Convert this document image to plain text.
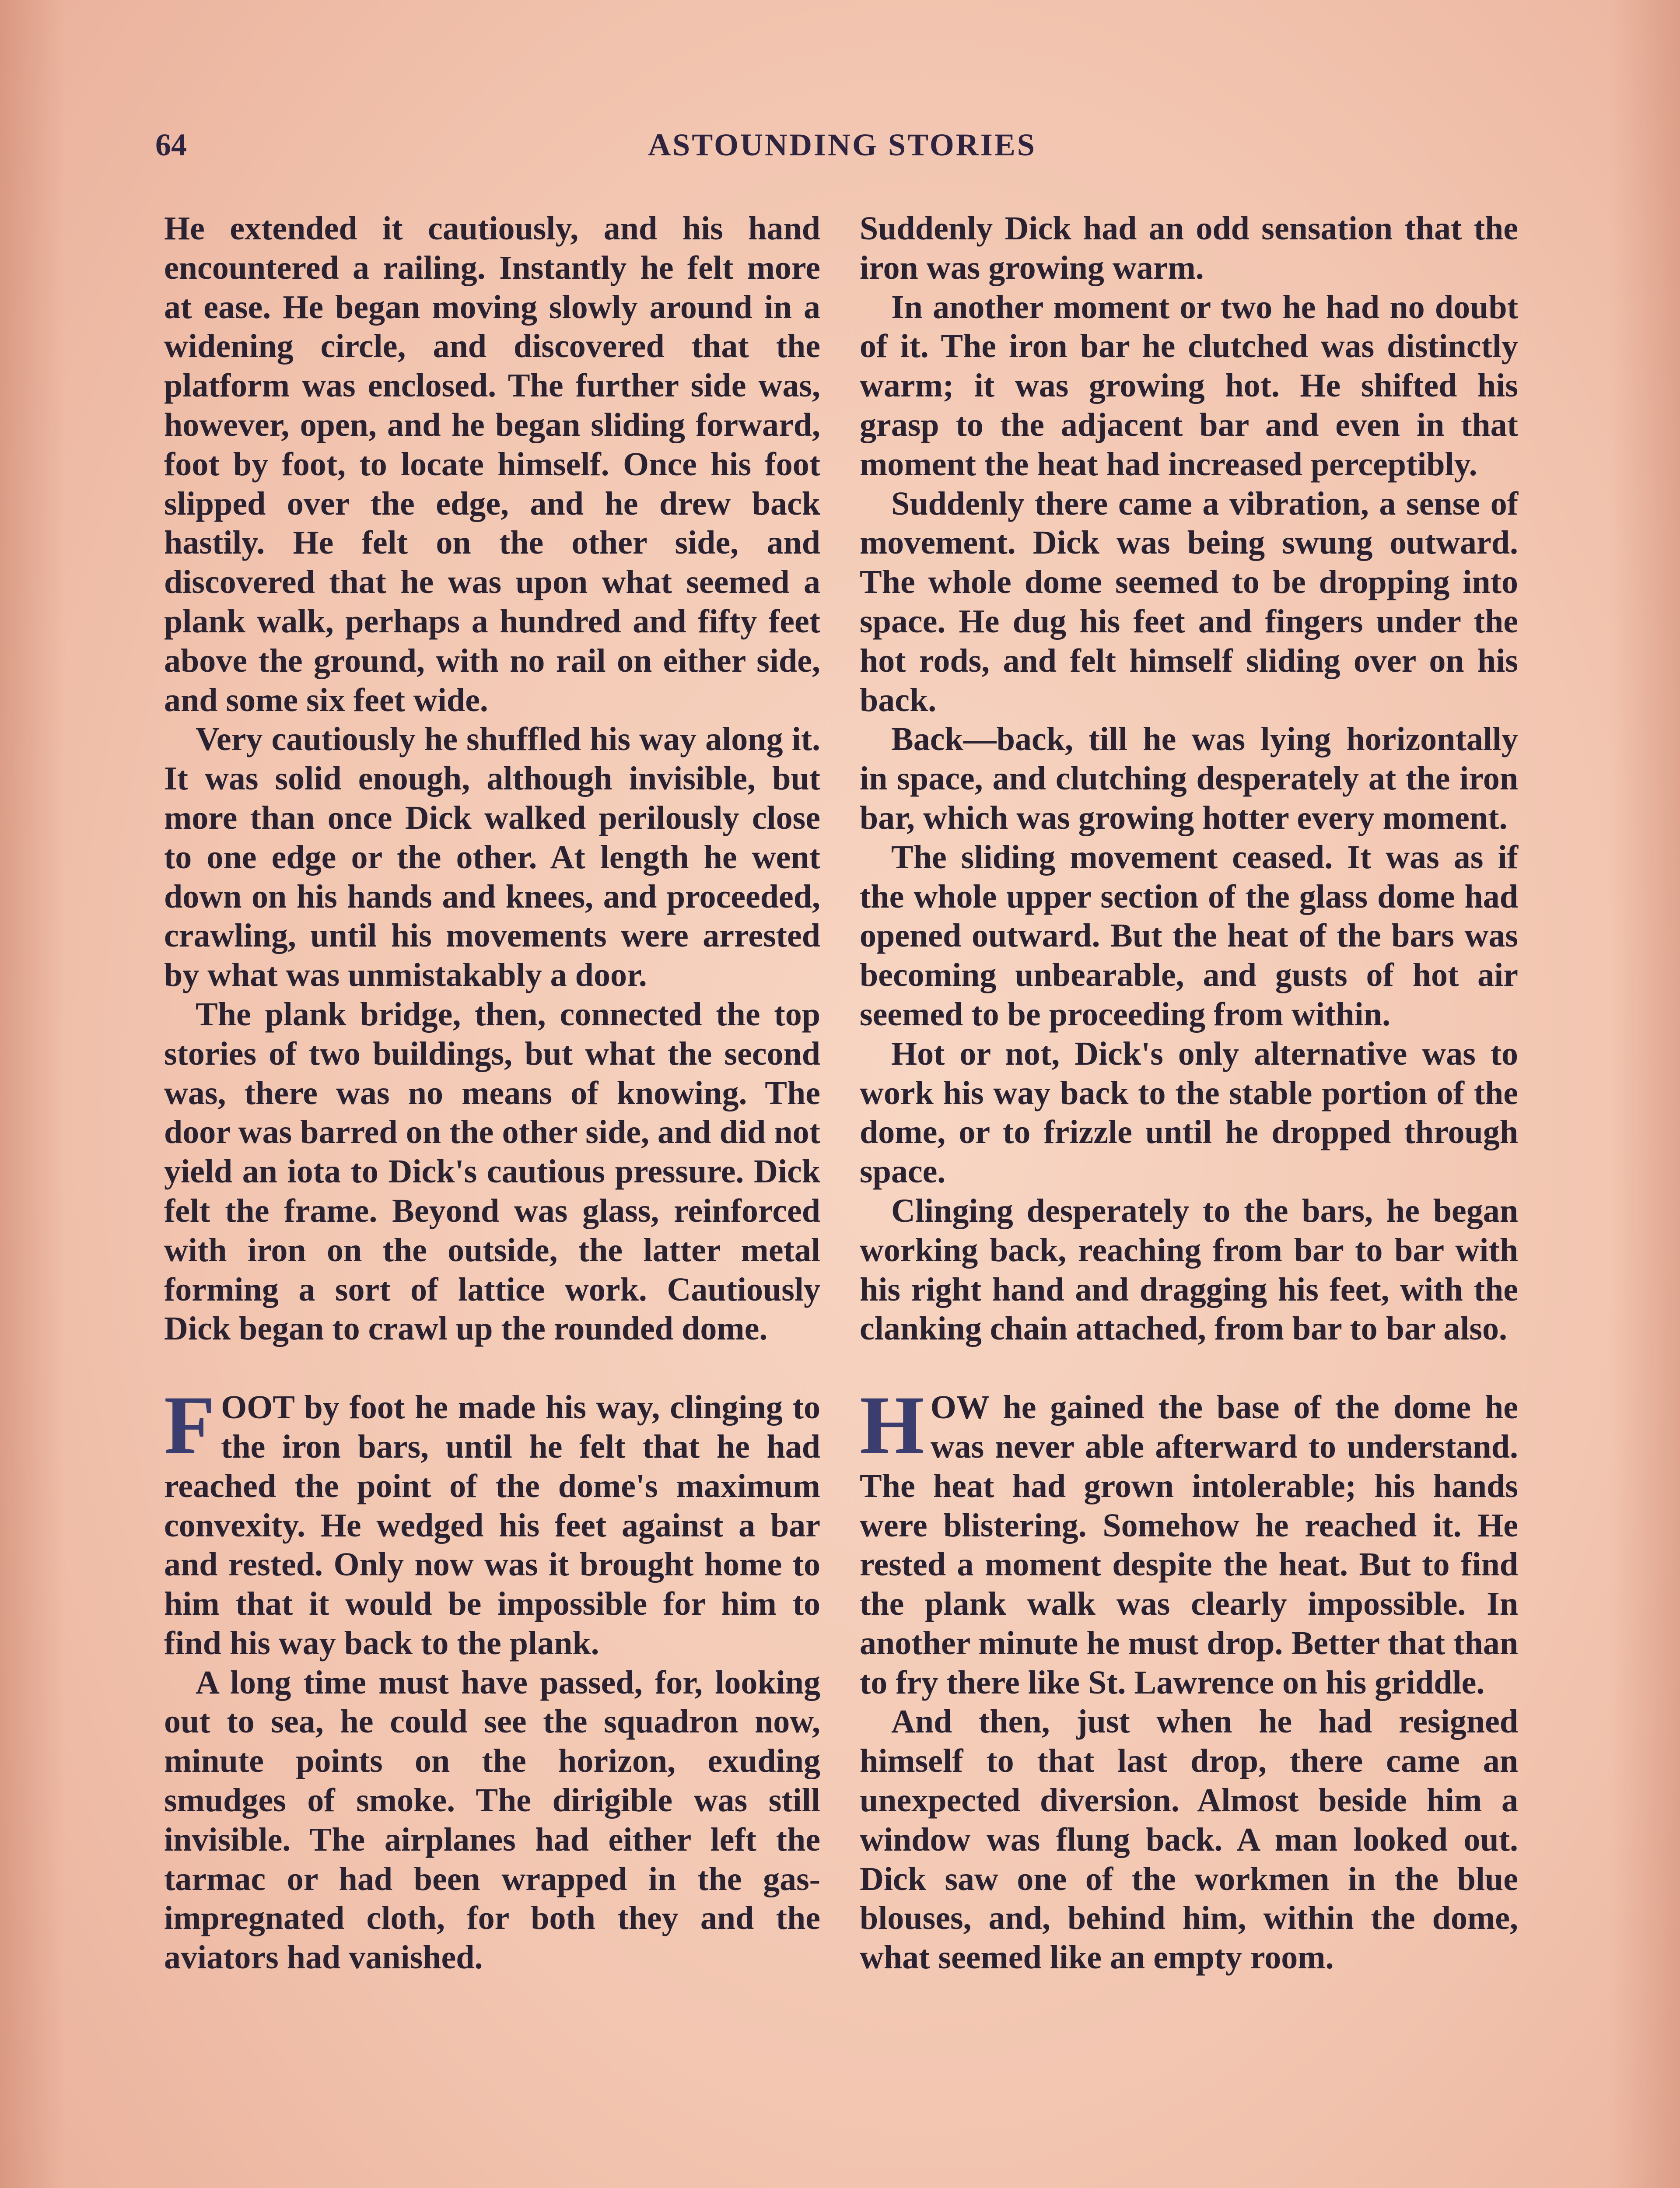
64	ASTOUNDING STORIES

He extended it cautiously, and his hand encountered a railing. Instantly he felt more at ease. He began moving slowly around in a widening circle, and discovered that the platform was enclosed. The further side was, however, open, and he began sliding forward, foot by foot, to locate himself. Once his foot slipped over the edge, and he drew back hastily. He felt on the other side, and discovered that he was upon what seemed a plank walk, perhaps a hundred and fifty feet above the ground, with no rail on either side, and some six feet wide.

Very cautiously he shuffled his way along it. It was solid enough, although invisible, but more than once Dick walked perilously close to one edge or the other. At length he went down on his hands and knees, and proceeded, crawling, until his movements were arrested by what was unmistakably a door.

The plank bridge, then, connected the top stories of two buildings, but what the second was, there was no means of knowing. The door was barred on the other side, and did not yield an iota to Dick's cautious pressure. Dick felt the frame. Beyond was glass, reinforced with iron on the outside, the latter metal forming a sort of lattice work. Cautiously Dick began to crawl up the rounded dome.

FOOT by foot he made his way, clinging to the iron bars, until he felt that he had reached the point of the dome's maximum convexity. He wedged his feet against a bar and rested. Only now was it brought home to him that it would be impossible for him to find his way back to the plank.

A long time must have passed, for, looking out to sea, he could see the squadron now, minute points on the horizon, exuding smudges of smoke. The dirigible was still invisible. The airplanes had either left the tarmac or had been wrapped in the gas-impregnated cloth, for both they and the aviators had vanished.

Suddenly Dick had an odd sensation that the iron was growing warm.

In another moment or two he had no doubt of it. The iron bar he clutched was distinctly warm; it was growing hot. He shifted his grasp to the adjacent bar and even in that moment the heat had increased perceptibly.

Suddenly there came a vibration, a sense of movement. Dick was being swung outward. The whole dome seemed to be dropping into space. He dug his feet and fingers under the hot rods, and felt himself sliding over on his back.

Back—back, till he was lying horizontally in space, and clutching desperately at the iron bar, which was growing hotter every moment.

The sliding movement ceased. It was as if the whole upper section of the glass dome had opened outward. But the heat of the bars was becoming unbearable, and gusts of hot air seemed to be proceeding from within.

Hot or not, Dick's only alternative was to work his way back to the stable portion of the dome, or to frizzle until he dropped through space.

Clinging desperately to the bars, he began working back, reaching from bar to bar with his right hand and dragging his feet, with the clanking chain attached, from bar to bar also.

HOW he gained the base of the dome he was never able afterward to understand. The heat had grown intolerable; his hands were blistering. Somehow he reached it. He rested a moment despite the heat. But to find the plank walk was clearly impossible. In another minute he must drop. Better that than to fry there like St. Lawrence on his griddle.

And then, just when he had resigned himself to that last drop, there came an unexpected diversion. Almost beside him a window was flung back. A man looked out. Dick saw one of the workmen in the blue blouses, and, behind him, within the dome, what seemed like an empty room.
